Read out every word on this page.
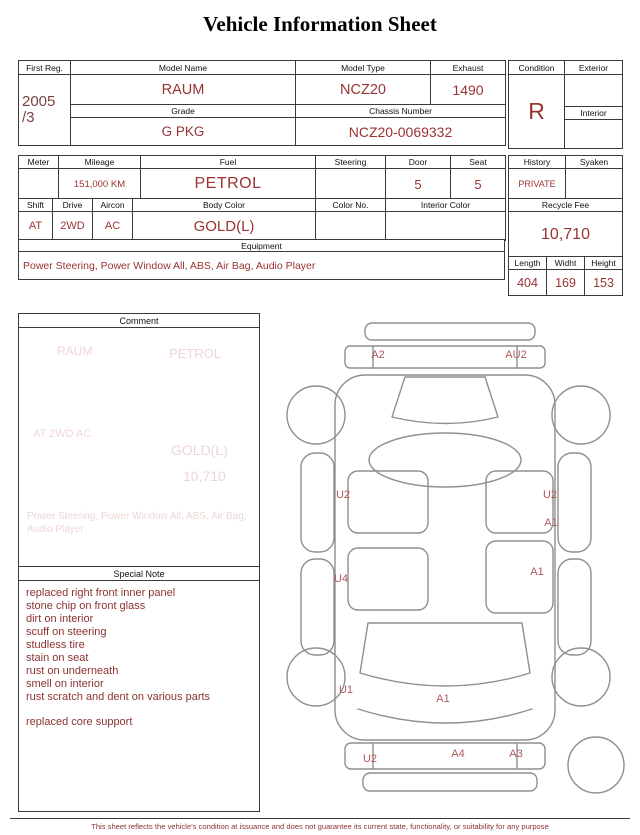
Vehicle Information Sheet
First Reg.	Model Name	Model Type	Exhaust
2005
/3	RAUM	NCZ20	1490
	Grade	Chassis Number	
	G PKG	NCZ20-0069332	
Condition	Exterior
R	
	Interior

Meter	Mileage	Fuel	Steering	Door	Seat
	151,000 KM	PETROL		5	5
Shift	Drive	Aircon	Body Color	Color No.	Interior Color
AT	2WD	AC	GOLD(L)		
Equipment
Power Steering, Power Window All, ABS, Air Bag, Audio Player
History	Syaken
PRIVATE	
Recycle Fee	
10,710	
Length	Widht	Height
404	169	153
Comment
RAUM	PETROL
AT 2WD AC
GOLD(L)
10,710
Power Steering, Power Window All, ABS, Air Bag, Audio Player
Special Note
replaced right front inner panel
stone chip on front glass
dirt on interior
scuff on steering
studless tire
stain on seat
rust on underneath
smell on interior
rust scratch and dent on various parts
replaced core support
A2	AU2
U2	U2
A1
U4
A1
U1
A1
U2	A4	A3
This sheet reflects the vehicle's condition at issuance and does not guarantee its current state, functionality, or suitability for any purpose
